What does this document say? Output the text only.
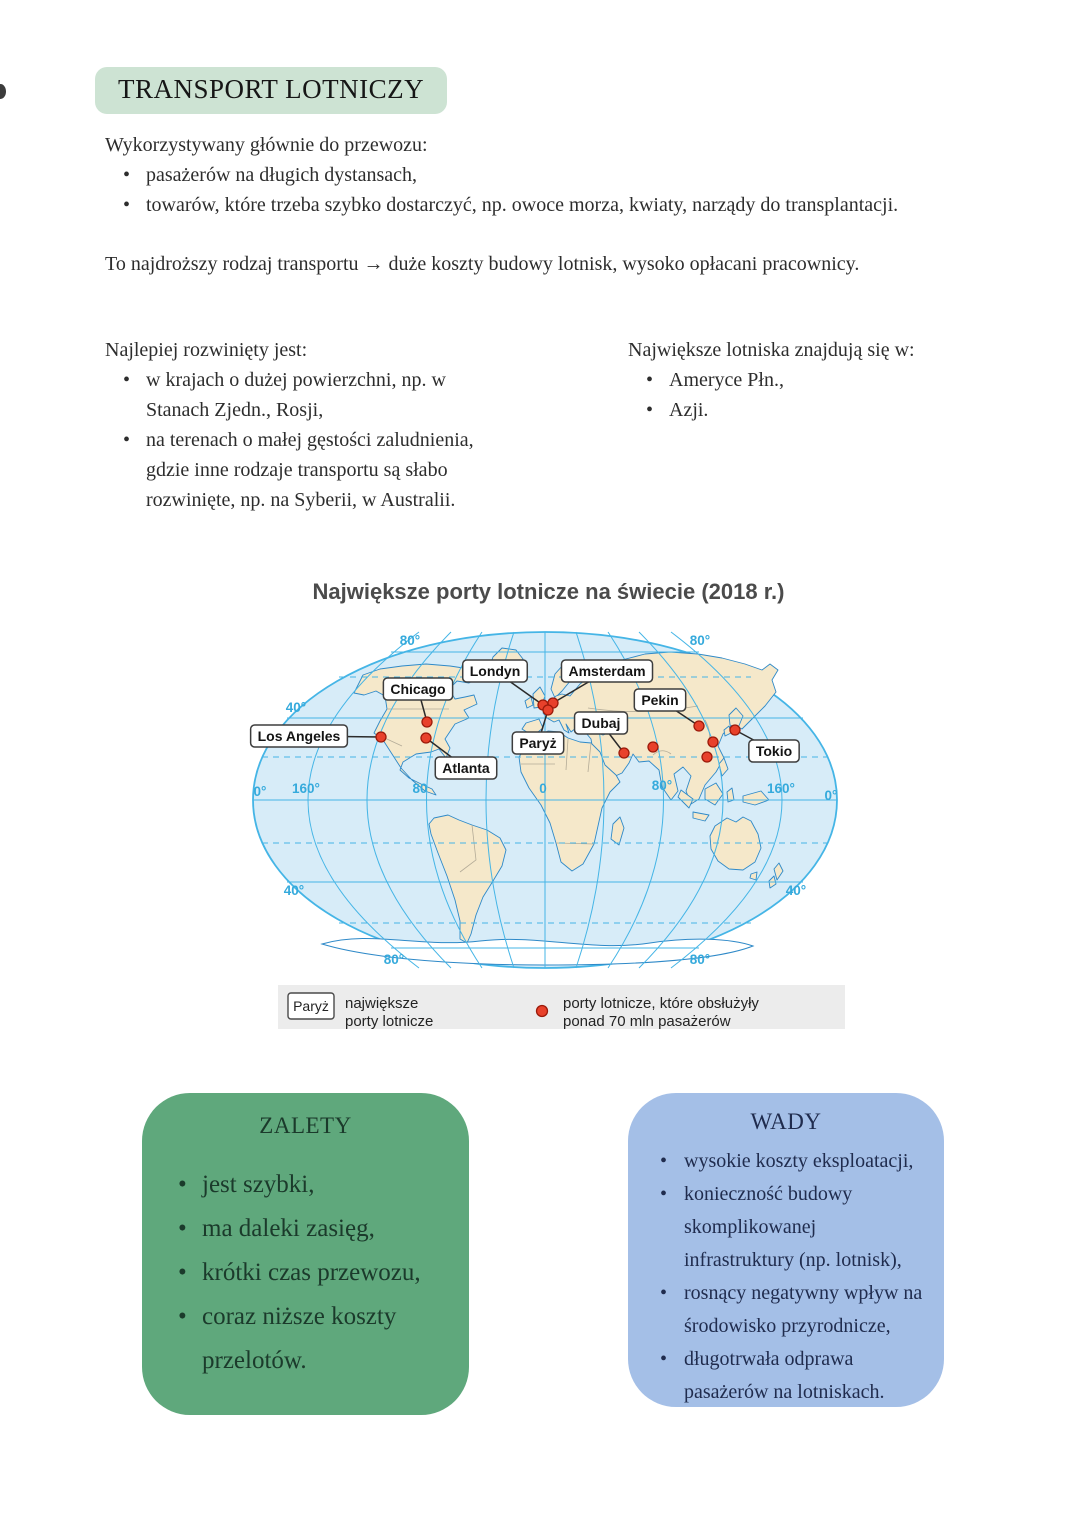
TRANSPORT LOTNICZY
Wykorzystywany głównie do przewozu:
• pasażerów na długich dystansach,
• towarów, które trzeba szybko dostarczyć, np. owoce morza, kwiaty, narządy do transplantacji.
To najdroższy rodzaj transportu → duże koszty budowy lotnisk, wysoko opłacani pracownicy.
Najlepiej rozwinięty jest:
• w krajach o dużej powierzchni, np. w Stanach Zjedn., Rosji,
• na terenach o małej gęstości zaludnienia, gdzie inne rodzaje transportu są słabo rozwinięte, np. na Syberii, w Australii.
Największe lotniska znajdują się w:
• Ameryce Płn.,
• Azji.
Największe porty lotnicze na świecie (2018 r.)
80°	80°
40°
0° 160°	80	0	80°	160° 0°
40°	40°
80°	80°
Londyn	Amsterdam
Chicago
Pekin
Dubaj
Los Angeles	Paryż	Tokio
Atlanta
Paryż największe
porty lotnicze
porty lotnicze, które obsłużyły
ponad 70 mln pasażerów
ZALETY
• jest szybki,
• ma daleki zasięg,
• krótki czas przewozu,
• coraz niższe koszty przelotów.
WADY
• wysokie koszty eksploatacji,
• konieczność budowy skomplikowanej infrastruktury (np. lotnisk),
• rosnący negatywny wpływ na środowisko przyrodnicze,
• długotrwała odprawa pasażerów na lotniskach.
